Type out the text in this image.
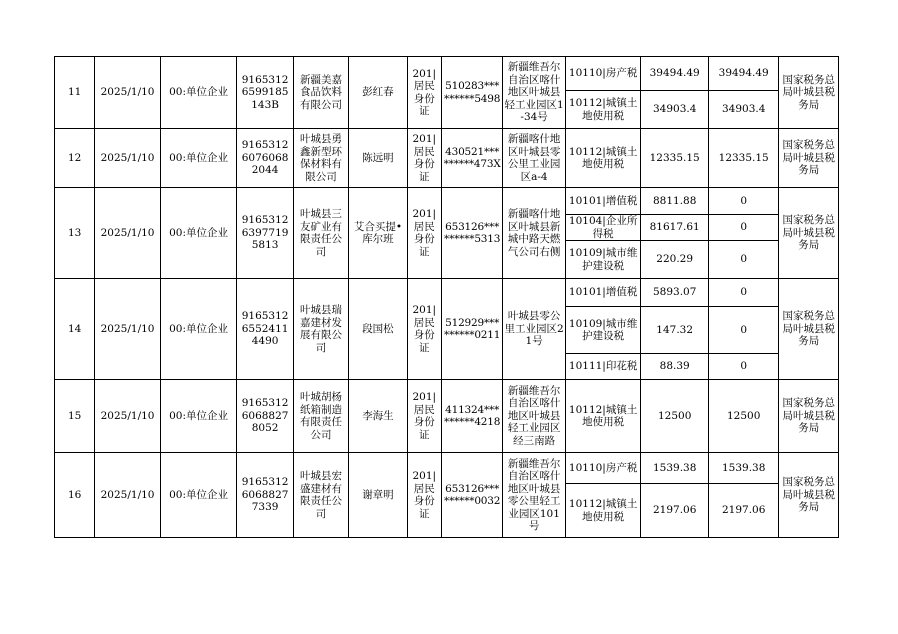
11	2025/1/10	00:单位企业	91653126599185143B	新疆美嘉食品饮料有限公司	彭红春	201|居民身份证	510283*********5498	新疆维吾尔自治区喀什地区叶城县轻工业园区1-34号	10110|房产税	39494.49	39494.49	国家税务总局叶城县税务局
									10112|城镇土地使用税	34903.4	34903.4	
12	2025/1/10	00:单位企业	916531260760682044	叶城县勇鑫新型环保材料有限公司	陈远明	201|居民身份证	430521*********473X	新疆喀什地区叶城县零公里工业园区a-4	10112|城镇土地使用税	12335.15	12335.15	国家税务总局叶城县税务局
13	2025/1/10	00:单位企业	916531263977195813	叶城县三友矿业有限责任公司	艾合买提•库尔班	201|居民身份证	653126*********5313	新疆喀什地区叶城县新城中路天燃气公司右侧	10101|增值税	8811.88	0	国家税务总局叶城县税务局
									10104|企业所得税	81617.61	0	
									10109|城市维护建设税	220.29	0	
14	2025/1/10	00:单位企业	916531265524114490	叶城县瑞嘉建材发展有限公司	段国松	201|居民身份证	512929*********0211	叶城县零公里工业园区21号	10101|增值税	5893.07	0	国家税务总局叶城县税务局
									10109|城市维护建设税	147.32	0	
									10111|印花税	88.39	0	
15	2025/1/10	00:单位企业	916531260688278052	叶城胡杨纸箱制造有限责任公司	李海生	201|居民身份证	411324*********4218	新疆维吾尔自治区喀什地区叶城县轻工业园区经三南路	10112|城镇土地使用税	12500	12500	国家税务总局叶城县税务局
16	2025/1/10	00:单位企业	916531260688277339	叶城县宏盛建材有限责任公司	谢章明	201|居民身份证	653126*********0032	新疆维吾尔自治区喀什地区叶城县零公里轻工业园区101号	10110|房产税	1539.38	1539.38	国家税务总局叶城县税务局
									10112|城镇土地使用税	2197.06	2197.06	
